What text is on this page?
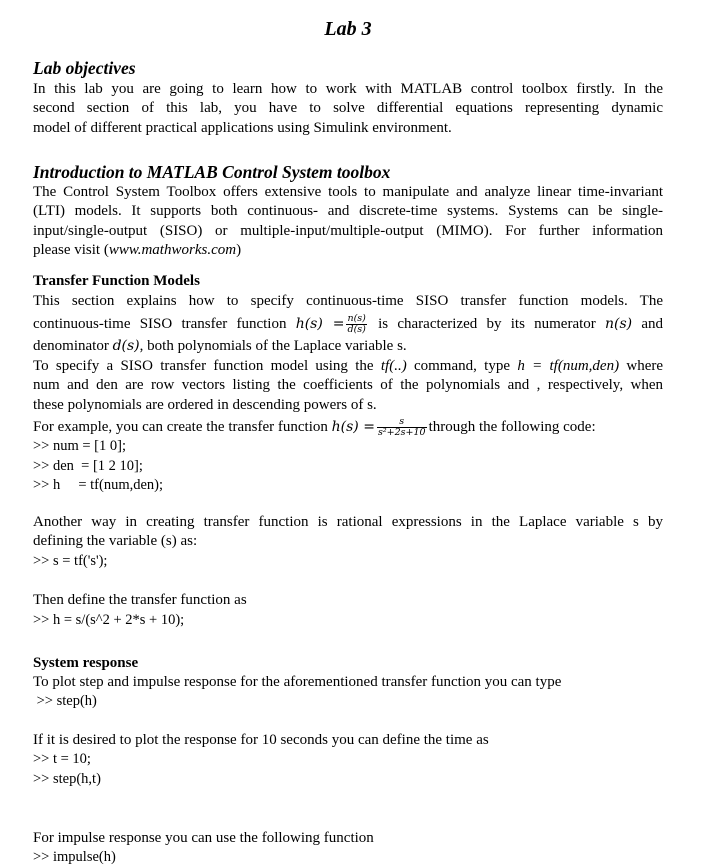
Lab 3
Lab objectives
In this lab you are going to learn how to work with MATLAB control toolbox firstly. In the
second section of this lab, you have to solve differential equations representing dynamic
model of different practical applications using Simulink environment.
Introduction to MATLAB Control System toolbox
The Control System Toolbox offers extensive tools to manipulate and analyze linear time-invariant
(LTI) models. It supports both continuous- and discrete-time systems. Systems can be single-
input/single-output (SISO) or multiple-input/multiple-output (MIMO). For further information
please visit (www.mathworks.com)
Transfer Function Models
This section explains how to specify continuous-time SISO transfer function models. The
continuous-time SISO transfer function $h(s) = \frac{n(s)}{d(s)}$ is characterized by its numerator n(s) and
denominator d(s), both polynomials of the Laplace variable s.
To specify a SISO transfer function model using the tf(..) command, type h = tf(num,den) where
num and den are row vectors listing the coefficients of the polynomials and , respectively, when
these polynomials are ordered in descending powers of s.
For example, you can create the transfer function $h(s) = \frac{s}{\text{s²+2s+10}}$ through the following code:
>> num = [1 0];
>> den  = [1 2 10];
>> h     = tf(num,den);
Another way in creating transfer function is rational expressions in the Laplace variable s by
defining the variable (s) as:
>> s = tf('s');
Then define the transfer function as
>> h = s/(s^2 + 2*s + 10);
System response
To plot step and impulse response for the aforementioned transfer function you can type
>> step(h)
If it is desired to plot the response for 10 seconds you can define the time as
>> t = 10;
>> step(h,t)
For impulse response you can use the following function
>> impulse(h)
